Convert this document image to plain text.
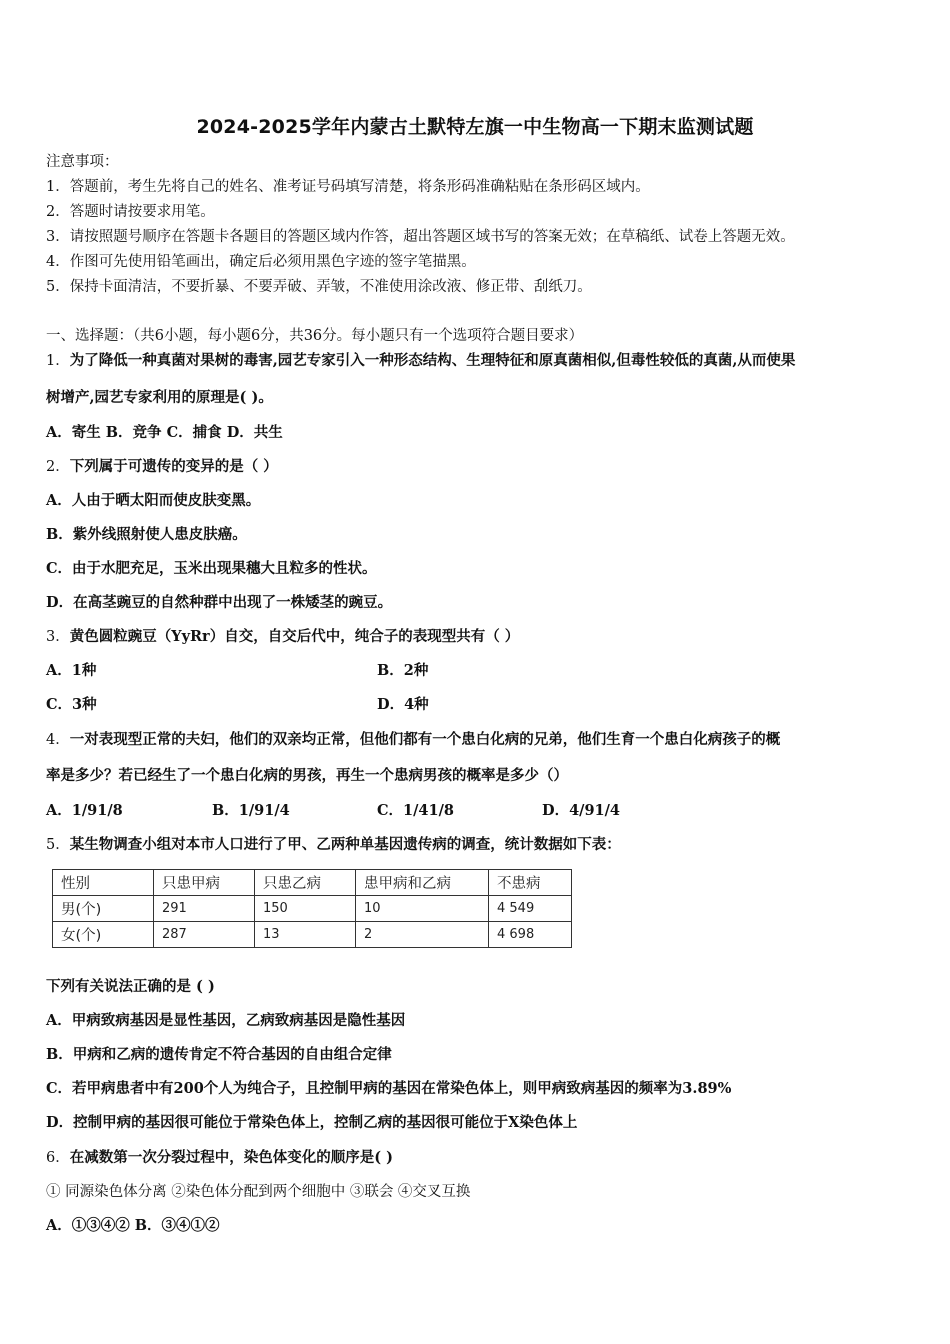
2024-2025学年内蒙古土默特左旗一中生物高一下期末监测试题
注意事项：
1．答题前，考生先将自己的姓名、准考证号码填写清楚，将条形码准确粘贴在条形码区域内。
2．答题时请按要求用笔。
3．请按照题号顺序在答题卡各题目的答题区域内作答，超出答题区域书写的答案无效；在草稿纸、试卷上答题无效。
4．作图可先使用铅笔画出，确定后必须用黑色字迹的签字笔描黑。
5．保持卡面清洁，不要折暴、不要弄破、弄皱，不准使用涂改液、修正带、刮纸刀。
一、选择题：（共6小题，每小题6分，共36分。每小题只有一个选项符合题目要求）
1．为了降低一种真菌对果树的毒害,园艺专家引入一种形态结构、生理特征和原真菌相似,但毒性较低的真菌,从而使果
树增产,园艺专家利用的原理是( )。
A．寄生 B．竞争 C．捕食 D．共生
2．下列属于可遗传的变异的是（ ）
A．人由于晒太阳而使皮肤变黑。
B．紫外线照射使人患皮肤癌。
C．由于水肥充足，玉米出现果穗大且粒多的性状。
D．在高茎豌豆的自然种群中出现了一株矮茎的豌豆。
3．黄色圆粒豌豆（YyRr）自交，自交后代中，纯合子的表现型共有（ ）
A．1种	B．2种
C．3种	D．4种
4．一对表现型正常的夫妇，他们的双亲均正常，但他们都有一个患白化病的兄弟，他们生育一个患白化病孩子的概
率是多少？若已经生了一个患白化病的男孩，再生一个患病男孩的概率是多少（）
A．1/91/8	B．1/91/4	C．1/41/8	D．4/91/4
5．某生物调查小组对本市人口进行了甲、乙两种单基因遗传病的调查，统计数据如下表：
性别	只患甲病	只患乙病	患甲病和乙病	不患病
男(个)	291	150	10	4 549
女(个)	287	13	2	4 698
下列有关说法正确的是 ( )
A．甲病致病基因是显性基因，乙病致病基因是隐性基因
B．甲病和乙病的遗传肯定不符合基因的自由组合定律
C．若甲病患者中有200个人为纯合子，且控制甲病的基因在常染色体上，则甲病致病基因的频率为3.89%
D．控制甲病的基因很可能位于常染色体上，控制乙病的基因很可能位于X染色体上
6．在减数第一次分裂过程中，染色体变化的顺序是( )
① 同源染色体分离 ②染色体分配到两个细胞中 ③联会 ④交叉互换
A．①③④② B．③④①②
